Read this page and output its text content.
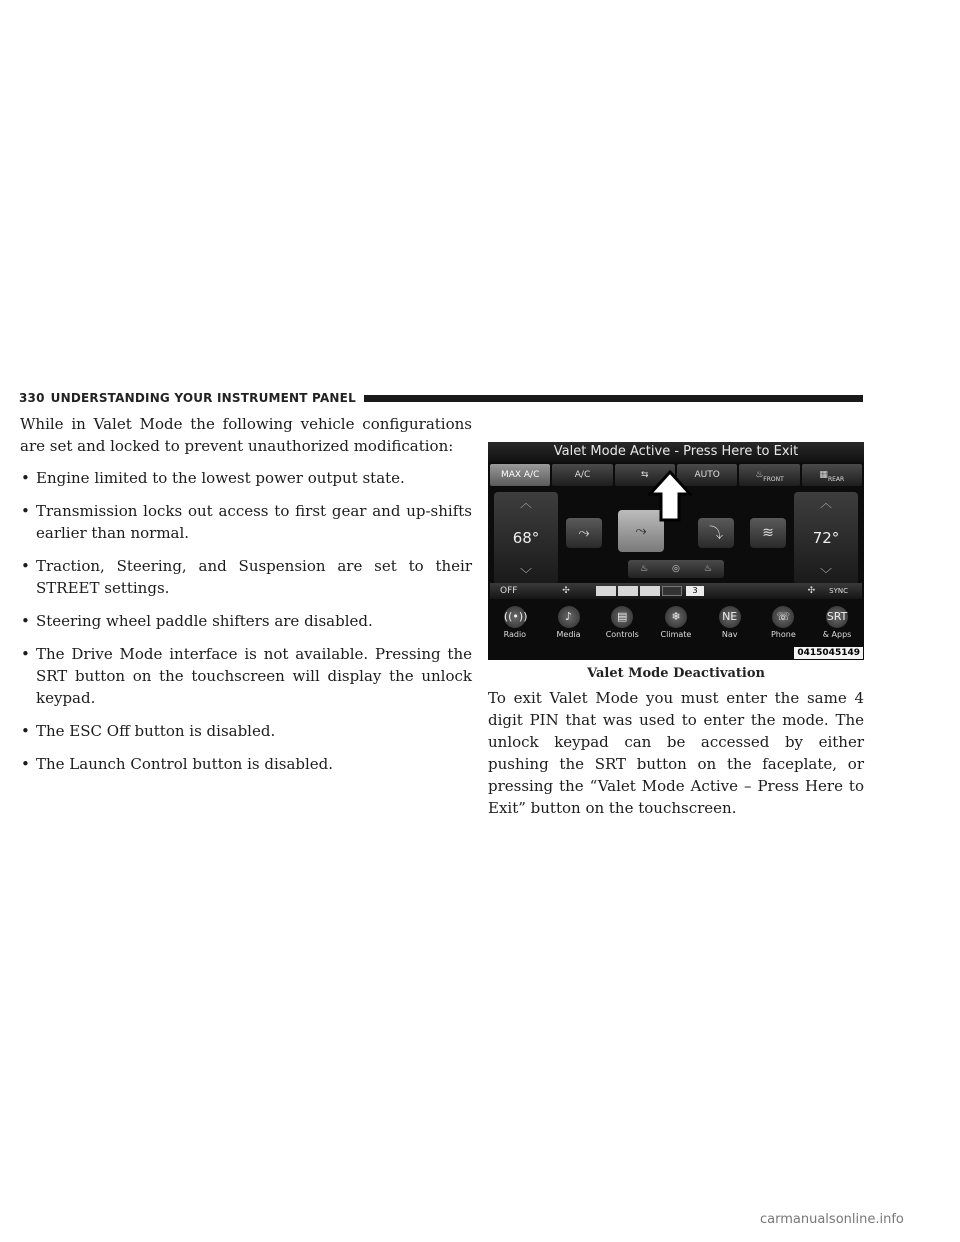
330 UNDERSTANDING YOUR INSTRUMENT PANEL

While in Valet Mode the following vehicle configurations are set and locked to prevent unauthorized modification:

• Engine limited to the lowest power output state.
• Transmission locks out access to first gear and up-shifts earlier than normal.
• Traction, Steering, and Suspension are set to their STREET settings.
• Steering wheel paddle shifters are disabled.
• The Drive Mode interface is not available. Pressing the SRT button on the touchscreen will display the unlock keypad.
• The ESC Off button is disabled.
• The Launch Control button is disabled.
Valet Mode Active - Press Here to Exit
MAX A/C	A/C	⇆	AUTO	♨ FRONT	▦ REAR
︿
68°
﹀
︿
72°
﹀
⤳	⤳	⤵	≋
♨	◎	♨
OFF	✣	3	✣ SYNC
((•))
Radio
♪
Media
▤
Controls
❄
Climate
NE
Nav
☏
Phone
SRT
& Apps
0415045149
Valet Mode Deactivation

To exit Valet Mode you must enter the same 4 digit PIN that was used to enter the mode. The unlock keypad can be accessed by either pushing the SRT button on the faceplate, or pressing the “Valet Mode Active – Press Here to Exit” button on the touchscreen.

carmanualsonline.info
